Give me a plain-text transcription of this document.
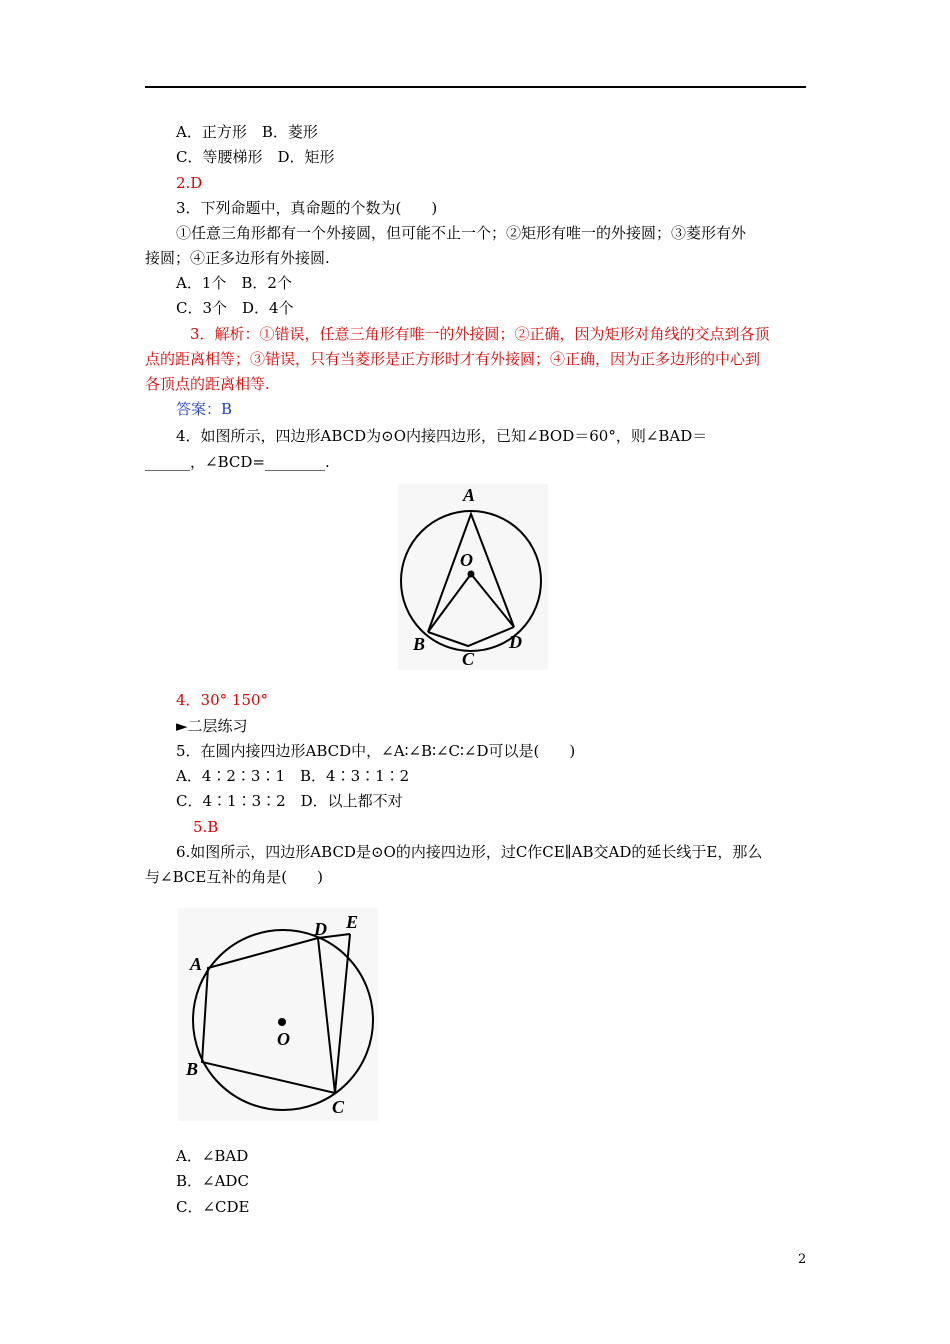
A．正方形　B．菱形
C．等腰梯形　D．矩形
2.D
3．下列命题中，真命题的个数为(　　)
①任意三角形都有一个外接圆，但可能不止一个；②矩形有唯一的外接圆；③菱形有外
接圆；④正多边形有外接圆.
A．1个　B．2个
C．3个　D．4个
3．解析：①错误，任意三角形有唯一的外接圆；②正确，因为矩形对角线的交点到各顶
点的距离相等；③错误，只有当菱形是正方形时才有外接圆；④正确，因为正多边形的中心到
各顶点的距离相等.
答案：B
4．如图所示，四边形ABCD为⊙O内接四边形，已知∠BOD＝60°，则∠BAD＝
______，∠BCD=________.
A
O
B
C
D
4．30° 150°
►二层练习
5．在圆内接四边形ABCD中，∠A∶∠B∶∠C∶∠D可以是(　　)
A．4∶2∶3∶1　B．4∶3∶1∶2
C．4∶1∶3∶2　D．以上都不对
5.B
6.如图所示，四边形ABCD是⊙O的内接四边形，过C作CE∥AB交AD的延长线于E，那么
与∠BCE互补的角是(　　)
A
B
C
D E
O
A．∠BAD
B．∠ADC
C．∠CDE
2
